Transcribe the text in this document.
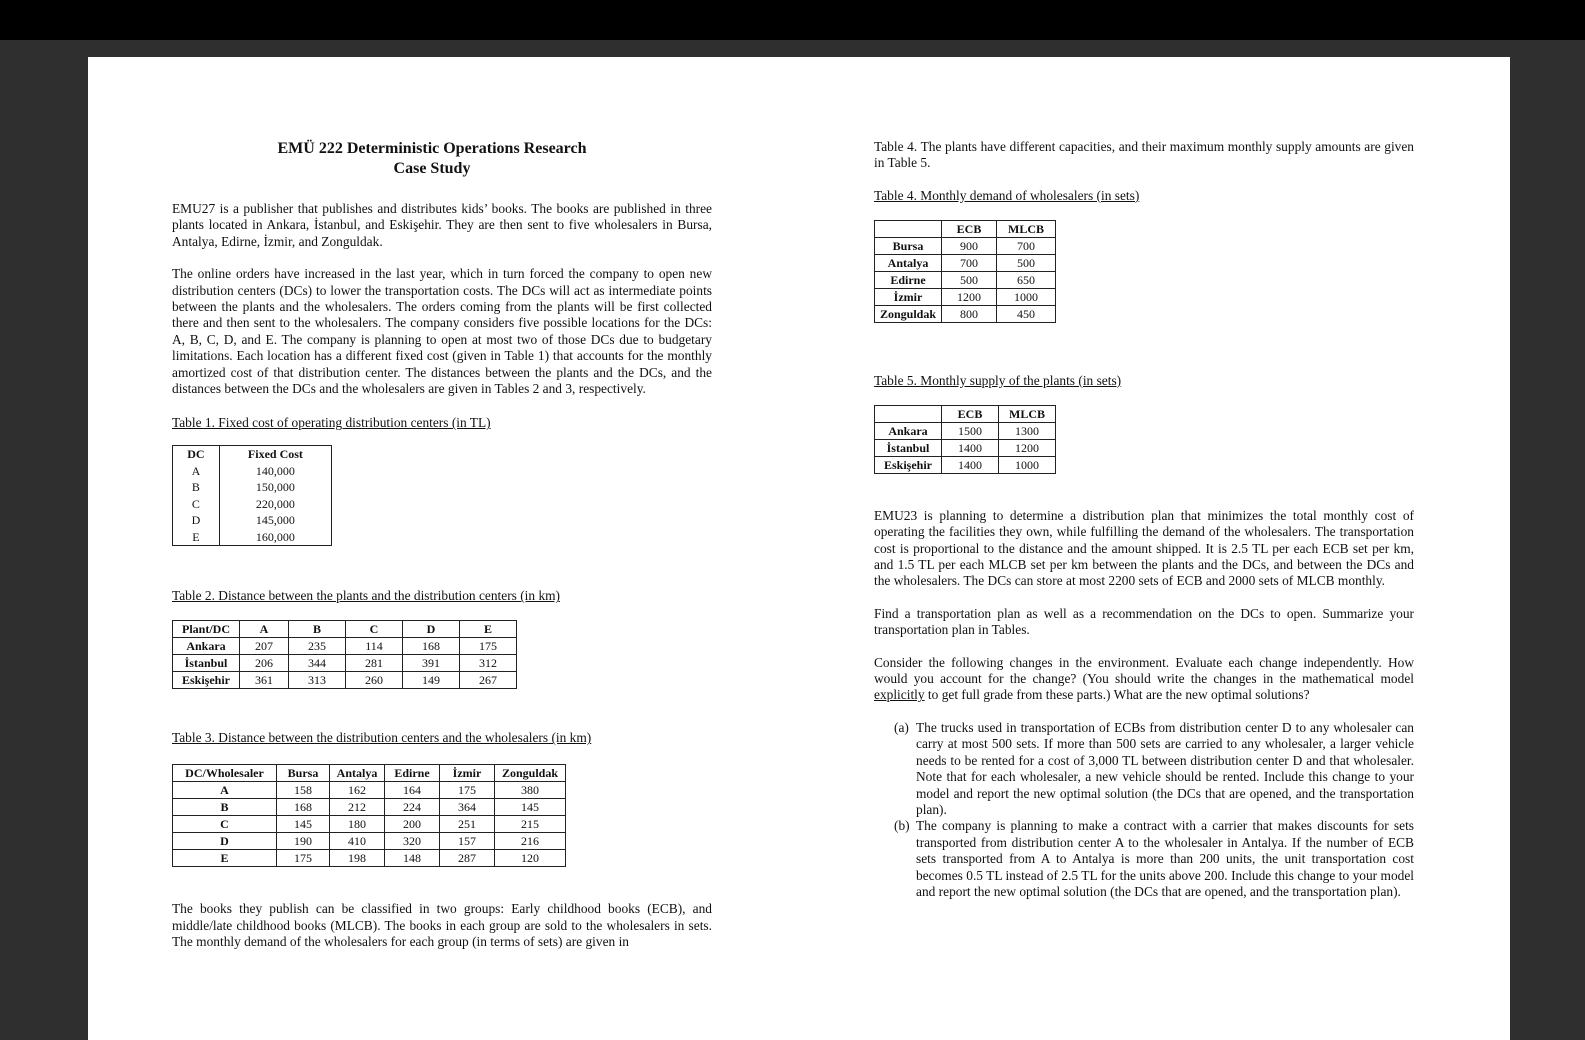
EMÜ 222 Deterministic Operations Research
Case Study

EMU27 is a publisher that publishes and distributes kids’ books. The books are published in three plants located in Ankara, İstanbul, and Eskişehir. They are then sent to five wholesalers in Bursa, Antalya, Edirne, İzmir, and Zonguldak.

The online orders have increased in the last year, which in turn forced the company to open new distribution centers (DCs) to lower the transportation costs. The DCs will act as intermediate points between the plants and the wholesalers. The orders coming from the plants will be first collected there and then sent to the wholesalers. The company considers five possible locations for the DCs: A, B, C, D, and E. The company is planning to open at most two of those DCs due to budgetary limitations. Each location has a different fixed cost (given in Table 1) that accounts for the monthly amortized cost of that distribution center. The distances between the plants and the DCs, and the distances between the DCs and the wholesalers are given in Tables 2 and 3, respectively.

Table 1. Fixed cost of operating distribution centers (in TL)
DC	Fixed Cost
A	140,000
B	150,000
C	220,000
D	145,000
E	160,000
Table 2. Distance between the plants and the distribution centers (in km)
Plant/DC	A	B	C	D	E
Ankara	207	235	114	168	175
İstanbul	206	344	281	391	312
Eskişehir	361	313	260	149	267
Table 3. Distance between the distribution centers and the wholesalers (in km)
DC/Wholesaler	Bursa	Antalya	Edirne	İzmir	Zonguldak
A	158	162	164	175	380
B	168	212	224	364	145
C	145	180	200	251	215
D	190	410	320	157	216
E	175	198	148	287	120

The books they publish can be classified in two groups: Early childhood books (ECB), and middle/late childhood books (MLCB). The books in each group are sold to the wholesalers in sets. The monthly demand of the wholesalers for each group (in terms of sets) are given in

Table 4. The plants have different capacities, and their maximum monthly supply amounts are given in Table 5.

Table 4. Monthly demand of wholesalers (in sets)
	ECB	MLCB
Bursa	900	700
Antalya	700	500
Edirne	500	650
İzmir	1200	1000
Zonguldak	800	450
Table 5. Monthly supply of the plants (in sets)
	ECB	MLCB
Ankara	1500	1300
İstanbul	1400	1200
Eskişehir	1400	1000

EMU23 is planning to determine a distribution plan that minimizes the total monthly cost of operating the facilities they own, while fulfilling the demand of the wholesalers. The transportation cost is proportional to the distance and the amount shipped. It is 2.5 TL per each ECB set per km, and 1.5 TL per each MLCB set per km between the plants and the DCs, and between the DCs and the wholesalers. The DCs can store at most 2200 sets of ECB and 2000 sets of MLCB monthly.

Find a transportation plan as well as a recommendation on the DCs to open. Summarize your transportation plan in Tables.

Consider the following changes in the environment. Evaluate each change independently. How would you account for the change? (You should write the changes in the mathematical model explicitly to get full grade from these parts.) What are the new optimal solutions?

(a) The trucks used in transportation of ECBs from distribution center D to any wholesaler can carry at most 500 sets. If more than 500 sets are carried to any wholesaler, a larger vehicle needs to be rented for a cost of 3,000 TL between distribution center D and that wholesaler. Note that for each wholesaler, a new vehicle should be rented. Include this change to your model and report the new optimal solution (the DCs that are opened, and the transportation plan).
(b) The company is planning to make a contract with a carrier that makes discounts for sets transported from distribution center A to the wholesaler in Antalya. If the number of ECB sets transported from A to Antalya is more than 200 units, the unit transportation cost becomes 0.5 TL instead of 2.5 TL for the units above 200. Include this change to your model and report the new optimal solution (the DCs that are opened, and the transportation plan).
